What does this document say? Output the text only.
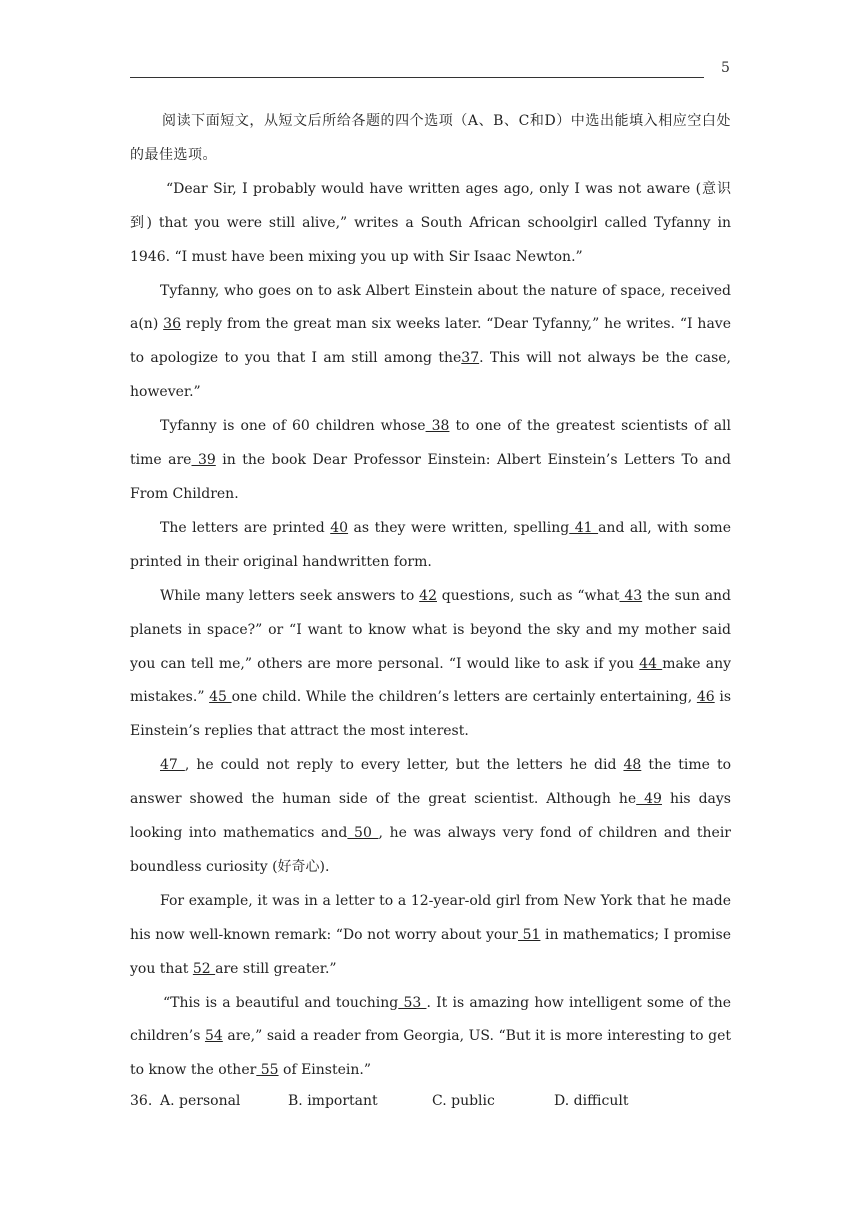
5

阅读下面短文，从短文后所给各题的四个选项（A、B、C和D）中选出能填入相应空白处的最佳选项。

“Dear Sir, I probably would have written ages ago, only I was not aware (意识到) that you were still alive,” writes a South African schoolgirl called Tyfanny in 1946. “I must have been mixing you up with Sir Isaac Newton.”

Tyfanny, who goes on to ask Albert Einstein about the nature of space, received a(n) 36 reply from the great man six weeks later. “Dear Tyfanny,” he writes. “I have to apologize to you that I am still among the37. This will not always be the case, however.”

Tyfanny is one of 60 children whose 38 to one of the greatest scientists of all time are 39 in the book Dear Professor Einstein: Albert Einstein’s Letters To and From Children.

The letters are printed 40 as they were written, spelling 41 and all, with some printed in their original handwritten form.

While many letters seek answers to 42 questions, such as “what 43 the sun and planets in space?” or “I want to know what is beyond the sky and my mother said you can tell me,” others are more personal. “I would like to ask if you 44 make any mistakes.” 45 one child. While the children’s letters are certainly entertaining, 46 is Einstein’s replies that attract the most interest.

47 , he could not reply to every letter, but the letters he did 48 the time to answer showed the human side of the great scientist. Although he 49 his days looking into mathematics and 50 , he was always very fond of children and their boundless curiosity (好奇心).

For example, it was in a letter to a 12-year-old girl from New York that he made his now well-known remark: “Do not worry about your 51 in mathematics; I promise you that 52 are still greater.”

“This is a beautiful and touching 53 . It is amazing how intelligent some of the children’s 54 are,” said a reader from Georgia, US. “But it is more interesting to get to know the other 55 of Einstein.”

36. A. personal	B. important	C. public	D. difficult
